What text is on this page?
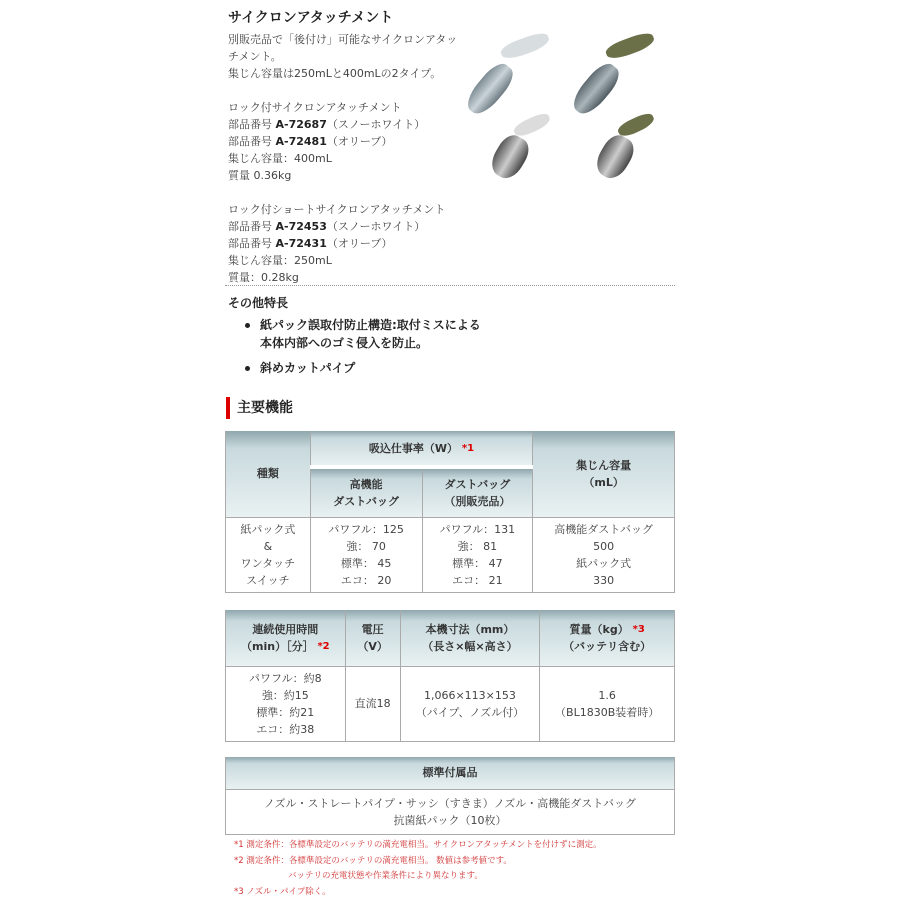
サイクロンアタッチメント
別販売品で「後付け」可能なサイクロンアタッ
チメント。
集じん容量は250mLと400mLの2タイプ。
ロック付サイクロンアタッチメント
部品番号 A-72687（スノーホワイト）
部品番号 A-72481（オリーブ）
集じん容量：400mL
質量 0.36kg
ロック付ショートサイクロンアタッチメント
部品番号 A-72453（スノーホワイト）
部品番号 A-72431（オリーブ）
集じん容量：250mL
質量：0.28kg
その他特長
紙パック誤取付防止構造:取付ミスによる
本体内部へのゴミ侵入を防止。
斜めカットパイプ
主要機能
種類	吸込仕事率（W） *1		集じん容量
（mL）
	高機能
ダストバッグ	ダストバッグ
（別販売品）	
紙パック式
&
ワンタッチ
スイッチ	パワフル：125
強： 70
標準： 45
エコ： 20	パワフル：131
強： 81
標準： 47
エコ： 21	高機能ダストバッグ
500
紙パック式
330
連続使用時間
（min）［分］ *2	電圧
（V）	本機寸法（mm）
（長さ×幅×高さ）	質量（kg） *3
（バッテリ含む）
パワフル：約8
強：約15
標準：約21
エコ：約38	直流18	1,066×113×153
（パイプ、ノズル付）	1.6
（BL1830B装着時）
標準付属品
ノズル・ストレートパイプ・サッシ（すきま）ノズル・高機能ダストバッグ
抗菌紙パック（10枚）
*1 測定条件：各標準設定のバッテリの満充電相当。サイクロンアタッチメントを付けずに測定。
*2 測定条件：各標準設定のバッテリの満充電相当。 数値は参考値です。
バッテリの充電状態や作業条件により異なります。
*3 ノズル・パイプ除く。
